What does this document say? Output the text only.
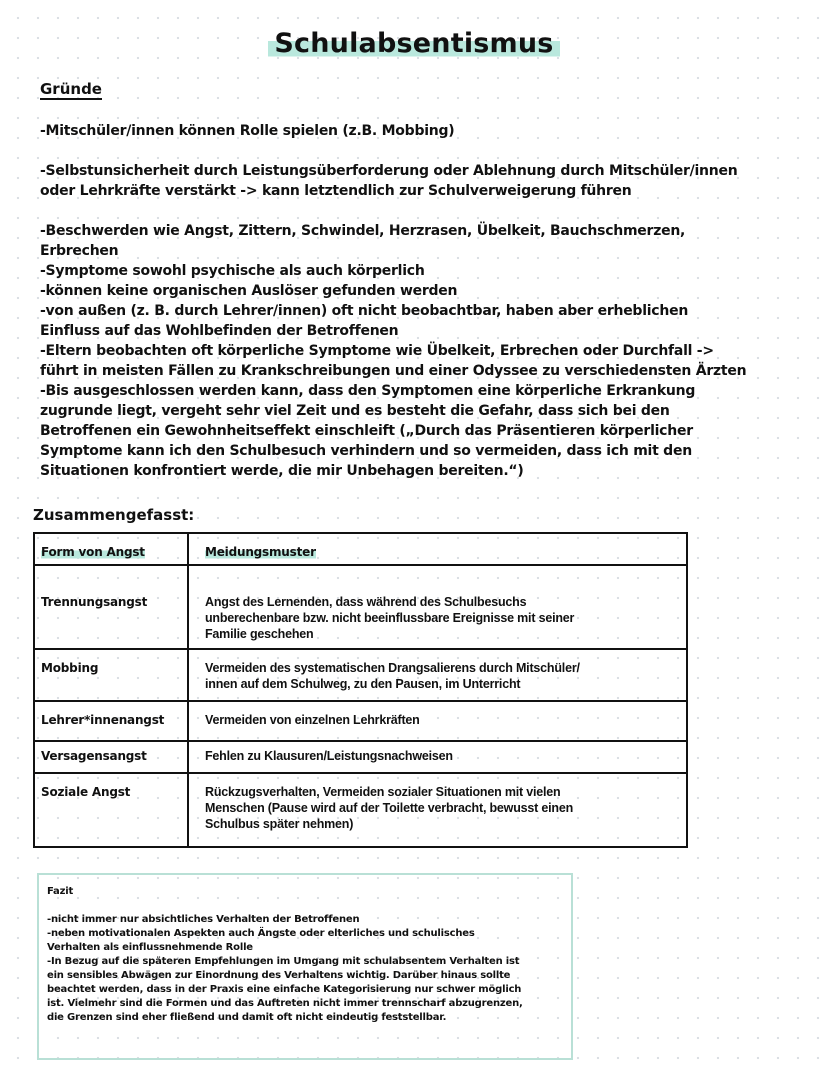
Schulabsentismus
Gründe

-Mitschüler/innen können Rolle spielen (z.B. Mobbing)

-Selbstunsicherheit durch Leistungsüberforderung oder Ablehnung durch Mitschüler/innen

oder Lehrkräfte verstärkt -> kann letztendlich zur Schulverweigerung führen

-Beschwerden wie Angst, Zittern, Schwindel, Herzrasen, Übelkeit, Bauchschmerzen,

Erbrechen

-Symptome sowohl psychische als auch körperlich

-können keine organischen Auslöser gefunden werden

-von außen (z. B. durch Lehrer/innen) oft nicht beobachtbar, haben aber erheblichen

Einfluss auf das Wohlbefinden der Betroffenen

-Eltern beobachten oft körperliche Symptome wie Übelkeit, Erbrechen oder Durchfall ->

führt in meisten Fällen zu Krankschreibungen und einer Odyssee zu verschiedensten Ärzten

-Bis ausgeschlossen werden kann, dass den Symptomen eine körperliche Erkrankung

zugrunde liegt, vergeht sehr viel Zeit und es besteht die Gefahr, dass sich bei den

Betroffenen ein Gewohnheitseffekt einschleift („Durch das Präsentieren körperlicher

Symptome kann ich den Schulbesuch verhindern und so vermeiden, dass ich mit den

Situationen konfrontiert werde, die mir Unbehagen bereiten.“)

Zusammengefasst:
Form von Angst	Meidungsmuster
Trennungsangst	Angst des Lernenden, dass während des Schulbesuchs
unberechenbare bzw. nicht beeinflussbare Ereignisse mit seiner
Familie geschehen

Mobbing	Vermeiden des systematischen Drangsalierens durch Mitschüler/
innen auf dem Schulweg, zu den Pausen, im Unterricht

Lehrer*innenangst	Vermeiden von einzelnen Lehrkräften

Versagensangst	Fehlen zu Klausuren/Leistungsnachweisen

Soziale Angst	Rückzugsverhalten, Vermeiden sozialer Situationen mit vielen
Menschen (Pause wird auf der Toilette verbracht, bewusst einen
Schulbus später nehmen)
Fazit

-nicht immer nur absichtliches Verhalten der Betroffenen

-neben motivationalen Aspekten auch Ängste oder elterliches und schulisches

Verhalten als einflussnehmende Rolle

-In Bezug auf die späteren Empfehlungen im Umgang mit schulabsentem Verhalten ist

ein sensibles Abwägen zur Einordnung des Verhaltens wichtig. Darüber hinaus sollte

beachtet werden, dass in der Praxis eine einfache Kategorisierung nur schwer möglich

ist. Vielmehr sind die Formen und das Auftreten nicht immer trennscharf abzugrenzen,

die Grenzen sind eher fließend und damit oft nicht eindeutig feststellbar.
